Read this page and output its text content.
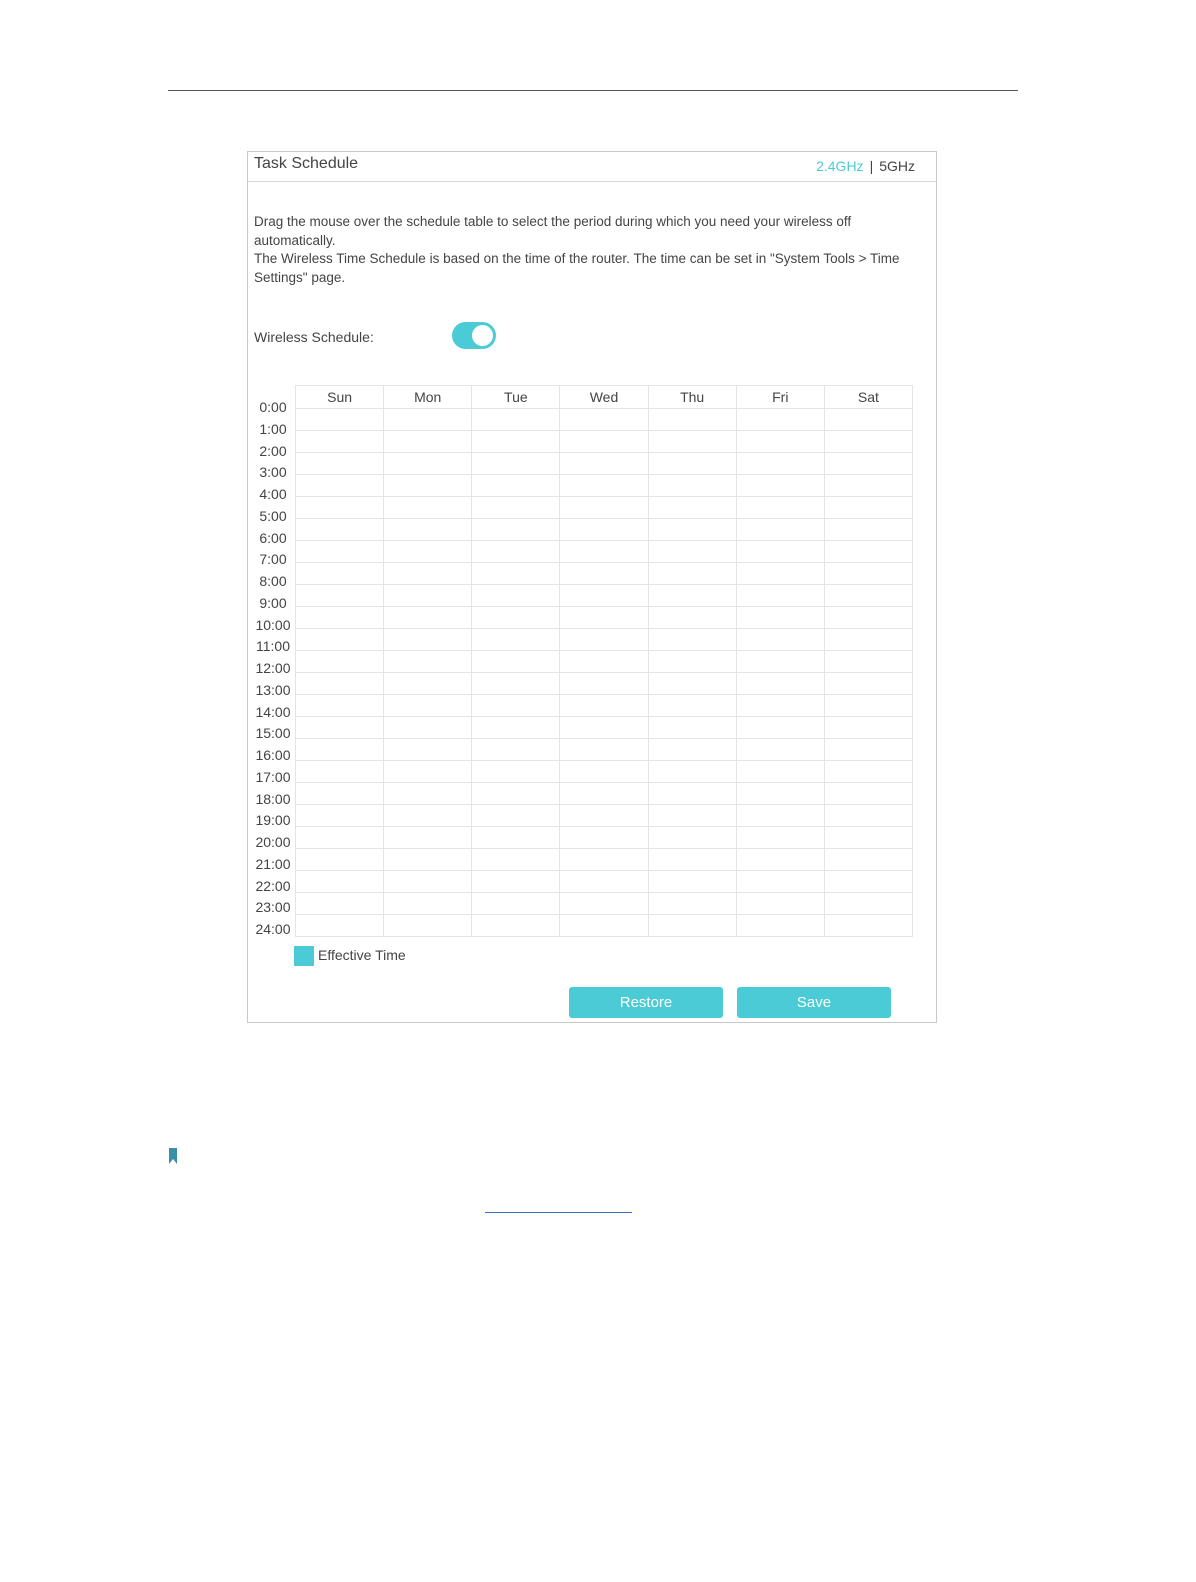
Task Schedule	2.4GHz | 5GHz

Drag the mouse over the schedule table to select the period during which you need your wireless off automatically.

The Wireless Time Schedule is based on the time of the router. The time can be set in "System Tools > Time Settings" page.

Wireless Schedule:
Sun	Mon	Tue	Wed	Thu	Fri	Sat

0:00
1:00
2:00
3:00
4:00
5:00
6:00
7:00
8:00
9:00
10:00
11:00
12:00
13:00
14:00
15:00
16:00
17:00
18:00
19:00
20:00
21:00
22:00
23:00
24:00
Effective Time
Restore	Save
